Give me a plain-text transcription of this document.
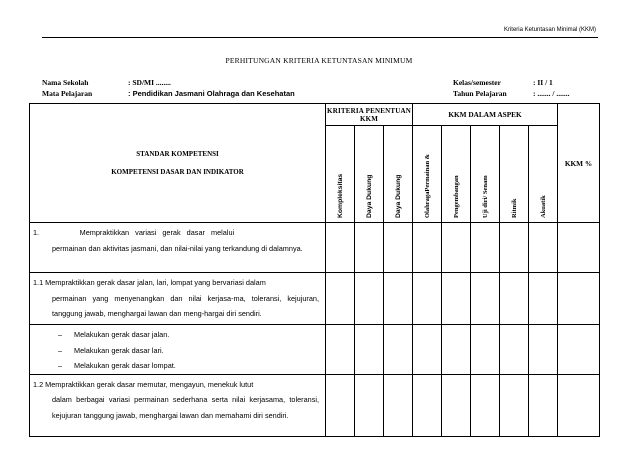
Kriteria Ketuntasan Minimal (KKM)
PERHITUNGAN KRITERIA KETUNTASAN MINIMUM
Nama Sekolah	: SD/MI ........
Mata Pelajaran	: Pendidikan Jasmani Olahraga dan Kesehatan
Kelas/semester	: II / 1
Tahun Pelajaran	: ....... / .......
STANDAR KOMPETENSI
KOMPETENSI DASAR DAN INDIKATOR	KRITERIA PENENTUAN KKM			KKM DALAM ASPEK					KKM %

	Kompleksitas	Daya Dukung	Daya Dukung	OlahragaPermainan &	Pengembangan	Uji diri/ Senam	Ritmik	Akuatik	

1.                    Mempraktikkan   variasi   gerak   dasar   melalui
permainan dan aktivitas jasmani, dan nilai-nilai yang terkandung di dalamnya.									

1.1 Mempraktikkan gerak dasar jalan, lari, lompat yang bervariasi dalam
permainan yang menyenangkan dan nilai kerjasa-ma, toleransi, kejujuran, tanggung jawab, menghargai lawan dan meng-hargai diri sendiri.									

– Melakukan gerak dasar jalan.
– Melakukan gerak dasar lari.
– Melakukan gerak dasar lompat.									

1.2 Mempraktikkan gerak dasar memutar, mengayun, menekuk lutut
dalam berbagai variasi permainan sederhana serta nilai kerjasama, toleransi, kejujuran tanggung jawab, menghargai lawan dan memahami diri sendiri.									
